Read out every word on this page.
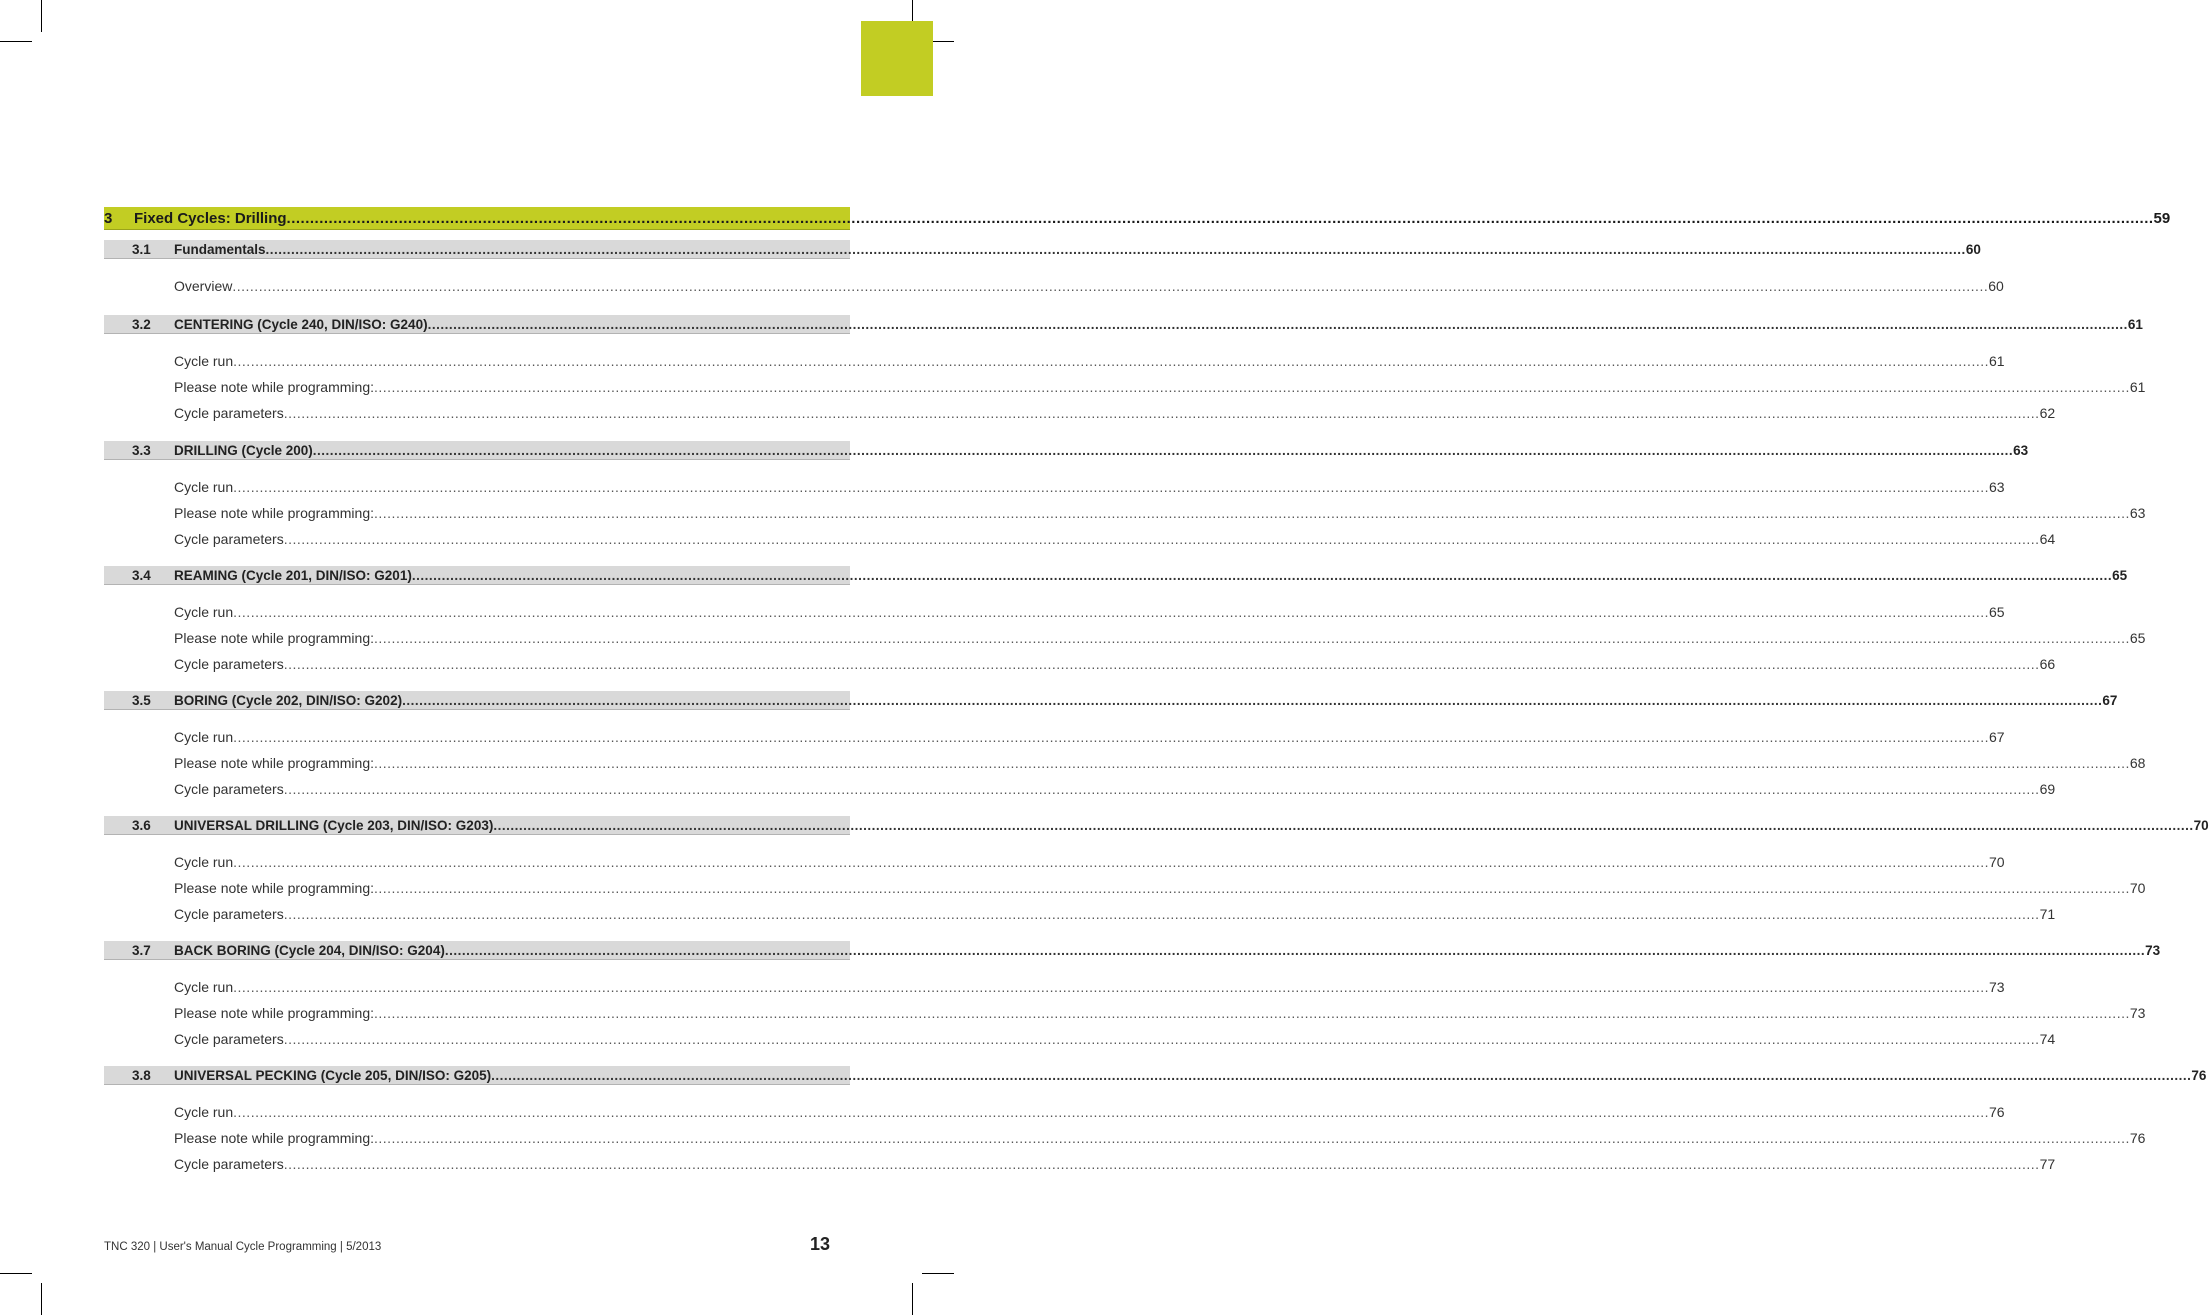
3	Fixed Cycles: Drilling ................................................................................................................................................................................................................................................................................................................................................................................................................ 59
3.1	Fundamentals ................................................................................................................................................................................................................................................................................................................................................................................................................ 60
Overview ................................................................................................................................................................................................................................................................................................................................................................................................................ 60
3.2	CENTERING (Cycle 240, DIN/ISO: G240) ................................................................................................................................................................................................................................................................................................................................................................................................................ 61
Cycle run ................................................................................................................................................................................................................................................................................................................................................................................................................ 61
Please note while programming: ................................................................................................................................................................................................................................................................................................................................................................................................................ 61
Cycle parameters ................................................................................................................................................................................................................................................................................................................................................................................................................ 62
3.3	DRILLING (Cycle 200) ................................................................................................................................................................................................................................................................................................................................................................................................................ 63
Cycle run ................................................................................................................................................................................................................................................................................................................................................................................................................ 63
Please note while programming: ................................................................................................................................................................................................................................................................................................................................................................................................................ 63
Cycle parameters ................................................................................................................................................................................................................................................................................................................................................................................................................ 64
3.4	REAMING (Cycle 201, DIN/ISO: G201) ................................................................................................................................................................................................................................................................................................................................................................................................................ 65
Cycle run ................................................................................................................................................................................................................................................................................................................................................................................................................ 65
Please note while programming: ................................................................................................................................................................................................................................................................................................................................................................................................................ 65
Cycle parameters ................................................................................................................................................................................................................................................................................................................................................................................................................ 66
3.5	BORING (Cycle 202, DIN/ISO: G202) ................................................................................................................................................................................................................................................................................................................................................................................................................ 67
Cycle run ................................................................................................................................................................................................................................................................................................................................................................................................................ 67
Please note while programming: ................................................................................................................................................................................................................................................................................................................................................................................................................ 68
Cycle parameters ................................................................................................................................................................................................................................................................................................................................................................................................................ 69
3.6	UNIVERSAL DRILLING (Cycle 203, DIN/ISO: G203) ................................................................................................................................................................................................................................................................................................................................................................................................................ 70
Cycle run ................................................................................................................................................................................................................................................................................................................................................................................................................ 70
Please note while programming: ................................................................................................................................................................................................................................................................................................................................................................................................................ 70
Cycle parameters ................................................................................................................................................................................................................................................................................................................................................................................................................ 71
3.7	BACK BORING (Cycle 204, DIN/ISO: G204) ................................................................................................................................................................................................................................................................................................................................................................................................................ 73
Cycle run ................................................................................................................................................................................................................................................................................................................................................................................................................ 73
Please note while programming: ................................................................................................................................................................................................................................................................................................................................................................................................................ 73
Cycle parameters ................................................................................................................................................................................................................................................................................................................................................................................................................ 74
3.8	UNIVERSAL PECKING (Cycle 205, DIN/ISO: G205) ................................................................................................................................................................................................................................................................................................................................................................................................................ 76
Cycle run ................................................................................................................................................................................................................................................................................................................................................................................................................ 76
Please note while programming: ................................................................................................................................................................................................................................................................................................................................................................................................................ 76
Cycle parameters ................................................................................................................................................................................................................................................................................................................................................................................................................ 77
TNC 320 | User's Manual Cycle Programming | 5/2013	13
